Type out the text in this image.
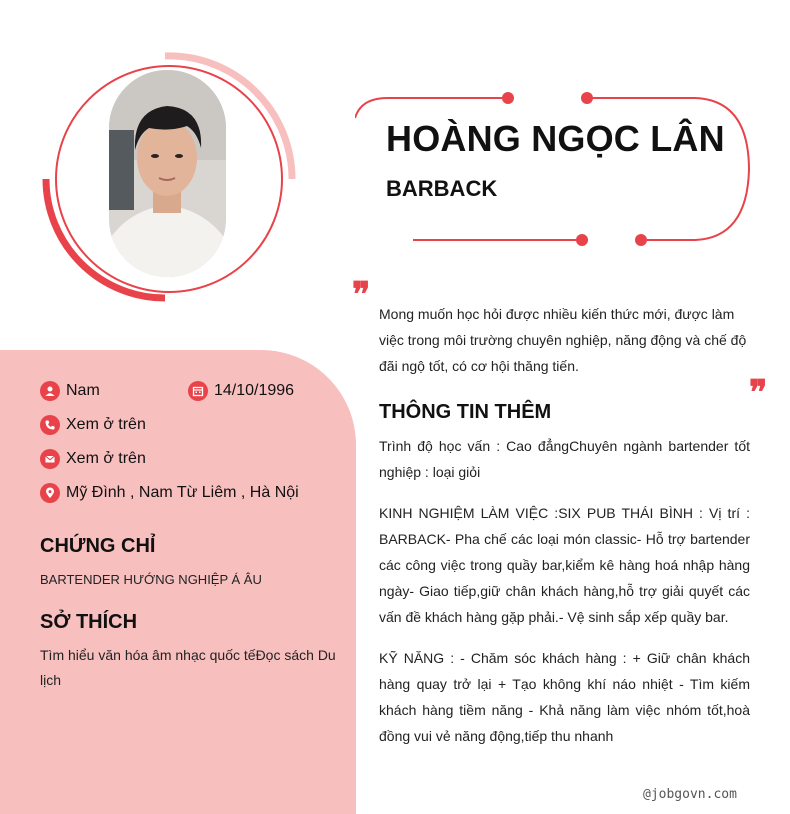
HOÀNG NGỌC LÂN
BARBACK
❞ Mong muốn học hỏi được nhiều kiến thức mới, được làm việc trong môi trường chuyên nghiệp, năng động và chế độ đãi ngộ tốt, có cơ hội thăng tiến.
❞
Nam	14/10/1996
Xem ở trên
Xem ở trên
Mỹ Đình , Nam Từ Liêm , Hà Nội
CHỨNG CHỈ
BARTENDER HƯỚNG NGHIỆP Á ÂU
SỞ THÍCH
Tìm hiểu văn hóa âm nhạc quốc tếĐọc sách Du lịch
THÔNG TIN THÊM
Trình độ học vấn : Cao đẳngChuyên ngành bartender tốt nghiệp : loại giỏi
KINH NGHIỆM LÀM VIỆC :SIX PUB THÁI BÌNH : Vị trí : BARBACK- Pha chế các loại món classic- Hỗ trợ bartender các công việc trong quầy bar,kiểm kê hàng hoá nhập hàng ngày- Giao tiếp,giữ chân khách hàng,hỗ trợ giải quyết các vấn đề khách hàng gặp phải.- Vệ sinh sắp xếp quầy bar.
KỸ NĂNG : - Chăm sóc khách hàng : + Giữ chân khách hàng quay trở lại + Tạo không khí náo nhiệt - Tìm kiếm khách hàng tiềm năng - Khả năng làm việc nhóm tốt,hoà đồng vui vẻ năng động,tiếp thu nhanh
@jobgovn.com
